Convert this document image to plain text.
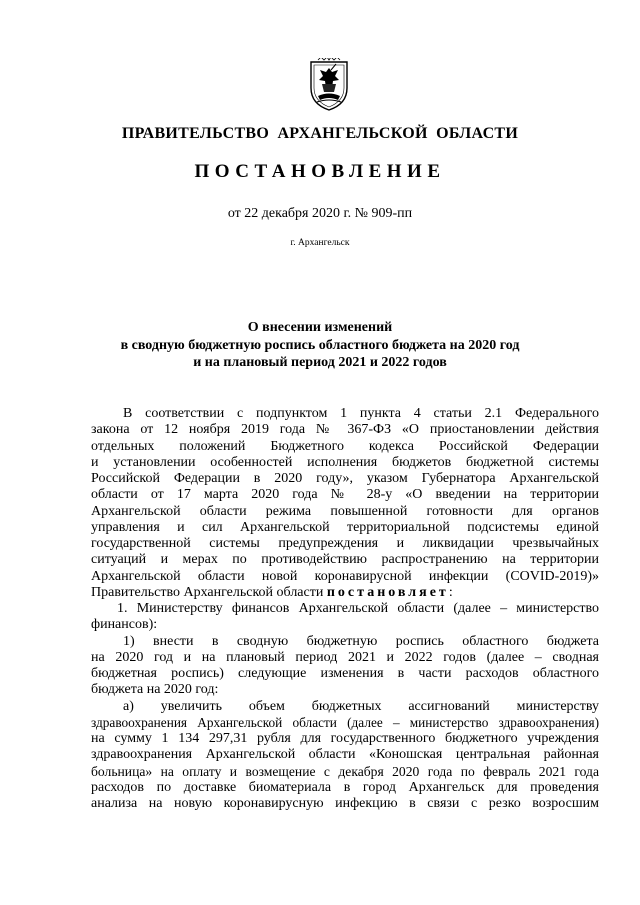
ПРАВИТЕЛЬСТВО АРХАНГЕЛЬСКОЙ ОБЛАСТИ
ПОСТАНОВЛЕНИЕ
от 22 декабря 2020 г. № 909-пп
г. Архангельск
О внесении изменений
в сводную бюджетную роспись областного бюджета на 2020 год
и на плановый период 2021 и 2022 годов
В соответствии с подпунктом 1 пункта 4 статьи 2.1 Федерального
закона от 12 ноября 2019 года № 367-ФЗ «О приостановлении действия
отдельных положений Бюджетного кодекса Российской Федерации
и установлении особенностей исполнения бюджетов бюджетной системы
Российской Федерации в 2020 году», указом Губернатора Архангельской
области от 17 марта 2020 года № 28-у «О введении на территории
Архангельской области режима повышенной готовности для органов
управления и сил Архангельской территориальной подсистемы единой
государственной системы предупреждения и ликвидации чрезвычайных
ситуаций и мерах по противодействию распространению на территории
Архангельской области новой коронавирусной инфекции (COVID-2019)»
Правительство Архангельской области постановляет:
1. Министерству финансов Архангельской области (далее – министерство
финансов):
1) внести в сводную бюджетную роспись областного бюджета
на 2020 год и на плановый период 2021 и 2022 годов (далее – сводная
бюджетная роспись) следующие изменения в части расходов областного
бюджета на 2020 год:
а) увеличить объем бюджетных ассигнований министерству
здравоохранения Архангельской области (далее – министерство здравоохранения)
на сумму 1 134 297,31 рубля для государственного бюджетного учреждения
здравоохранения Архангельской области «Коношская центральная районная
больница» на оплату и возмещение с декабря 2020 года по февраль 2021 года
расходов по доставке биоматериала в город Архангельск для проведения
анализа на новую коронавирусную инфекцию в связи с резко возросшим
